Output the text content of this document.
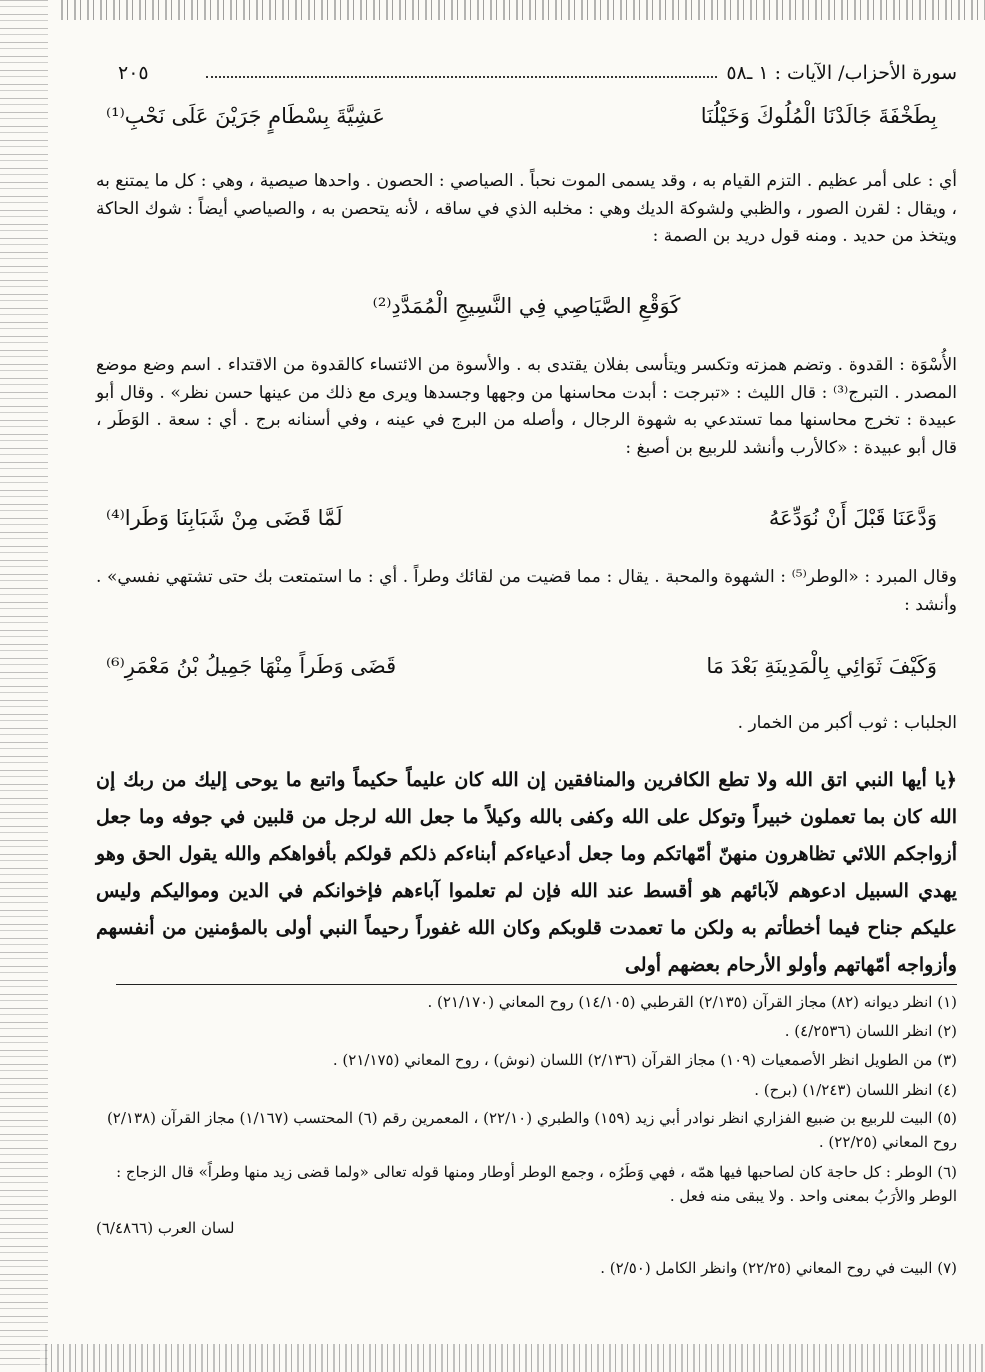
سورة الأحزاب/ الآيات : ١ ـ٥٨
٢٠٥
بِطَخْفَةَ جَالَدْنَا الْمُلُوكَ وَخَيْلُنَا
عَشِيَّةَ بِسْطَامٍ جَرَيْنَ عَلَى نَحْبِ⁽¹⁾
أي : على أمر عظيم . التزم القيام به ، وقد يسمى الموت نحباً . الصياصي : الحصون . واحدها صيصية ، وهي : كل ما يمتنع به ، ويقال : لقرن الصور ، والظبي ولشوكة الديك وهي : مخلبه الذي في ساقه ، لأنه يتحصن به ، والصياصي أيضاً : شوك الحاكة ويتخذ من حديد . ومنه قول دريد بن الصمة :
كَوَقْعِ الصَّيَاصِي فِي النَّسِيجِ الْمُمَدَّدِ⁽²⁾
الأُسْوَة : القدوة . وتضم همزته وتكسر ويتأسى بفلان يقتدى به . والأسوة من الائتساء كالقدوة من الاقتداء . اسم وضع موضع المصدر . التبرج⁽³⁾ : قال الليث : «تبرجت : أبدت محاسنها من وجهها وجسدها ويرى مع ذلك من عينها حسن نظر» . وقال أبو عبيدة : تخرج محاسنها مما تستدعي به شهوة الرجال ، وأصله من البرج في عينه ، وفي أسنانه برج . أي : سعة . الوَطَر ، قال أبو عبيدة : «كالأرب وأنشد للربيع بن أصبغ :
وَدَّعَنَا قَبْلَ أَنْ نُوَدِّعَهُ
لَمَّا قَضَى مِنْ شَبَابِنَا وَطَرا⁽⁴⁾
وقال المبرد : «الوطر⁽⁵⁾ : الشهوة والمحبة . يقال : مما قضيت من لقائك وطراً . أي : ما استمتعت بك حتى تشتهي نفسي» . وأنشد :
وَكَيْفَ ثَوَائِي بِالْمَدِينَةِ بَعْدَ مَا
قَضَى وَطَراً مِنْهَا جَمِيلُ بْنُ مَعْمَرِ⁽⁶⁾
الجلباب : ثوب أكبر من الخمار .
﴿يا أيها النبي اتق الله ولا تطع الكافرين والمنافقين إن الله كان عليماً حكيماً واتبع ما يوحى إليك من ربك إن الله كان بما تعملون خبيراً وتوكل على الله وكفى بالله وكيلاً ما جعل الله لرجل من قلبين في جوفه وما جعل أزواجكم اللائي تظاهرون منهنّ أمّهاتكم وما جعل أدعياءكم أبناءكم ذلكم قولكم بأفواهكم والله يقول الحق وهو يهدي السبيل ادعوهم لآبائهم هو أقسط عند الله فإن لم تعلموا آباءهم فإخوانكم في الدين ومواليكم وليس عليكم جناح فيما أخطأتم به ولكن ما تعمدت قلوبكم وكان الله غفوراً رحيماً النبي أولى بالمؤمنين من أنفسهم وأزواجه أمّهاتهم وأولو الأرحام بعضهم أولى
(١) انظر ديوانه (٨٢) مجاز القرآن (٢/١٣٥) القرطبي (١٤/١٠٥) روح المعاني (٢١/١٧٠) .
(٢) انظر اللسان (٤/٢٥٣٦) .
(٣) من الطويل انظر الأصمعيات (١٠٩) مجاز القرآن (٢/١٣٦) اللسان (نوش) ، روح المعاني (٢١/١٧٥) .
(٤) انظر اللسان (١/٢٤٣) (برح) .
(٥) البيت للربيع بن ضبيع الفزاري انظر نوادر أبي زيد (١٥٩) والطبري (٢٢/١٠) ، المعمرين رقم (٦) المحتسب (١/١٦٧) مجاز القرآن (٢/١٣٨) روح المعاني (٢٢/٢٥) .
(٦) الوطر : كل حاجة كان لصاحبها فيها همّه ، فهي وَطَرُه ، وجمع الوطر أوطار ومنها قوله تعالى «ولما قضى زيد منها وطراً» قال الزجاج : الوطر والأرَبُ بمعنى واحد . ولا يبقى منه فعل .
لسان العرب (٦/٤٨٦٦)
(٧) البيت في روح المعاني (٢٢/٢٥) وانظر الكامل (٢/٥٠) .
